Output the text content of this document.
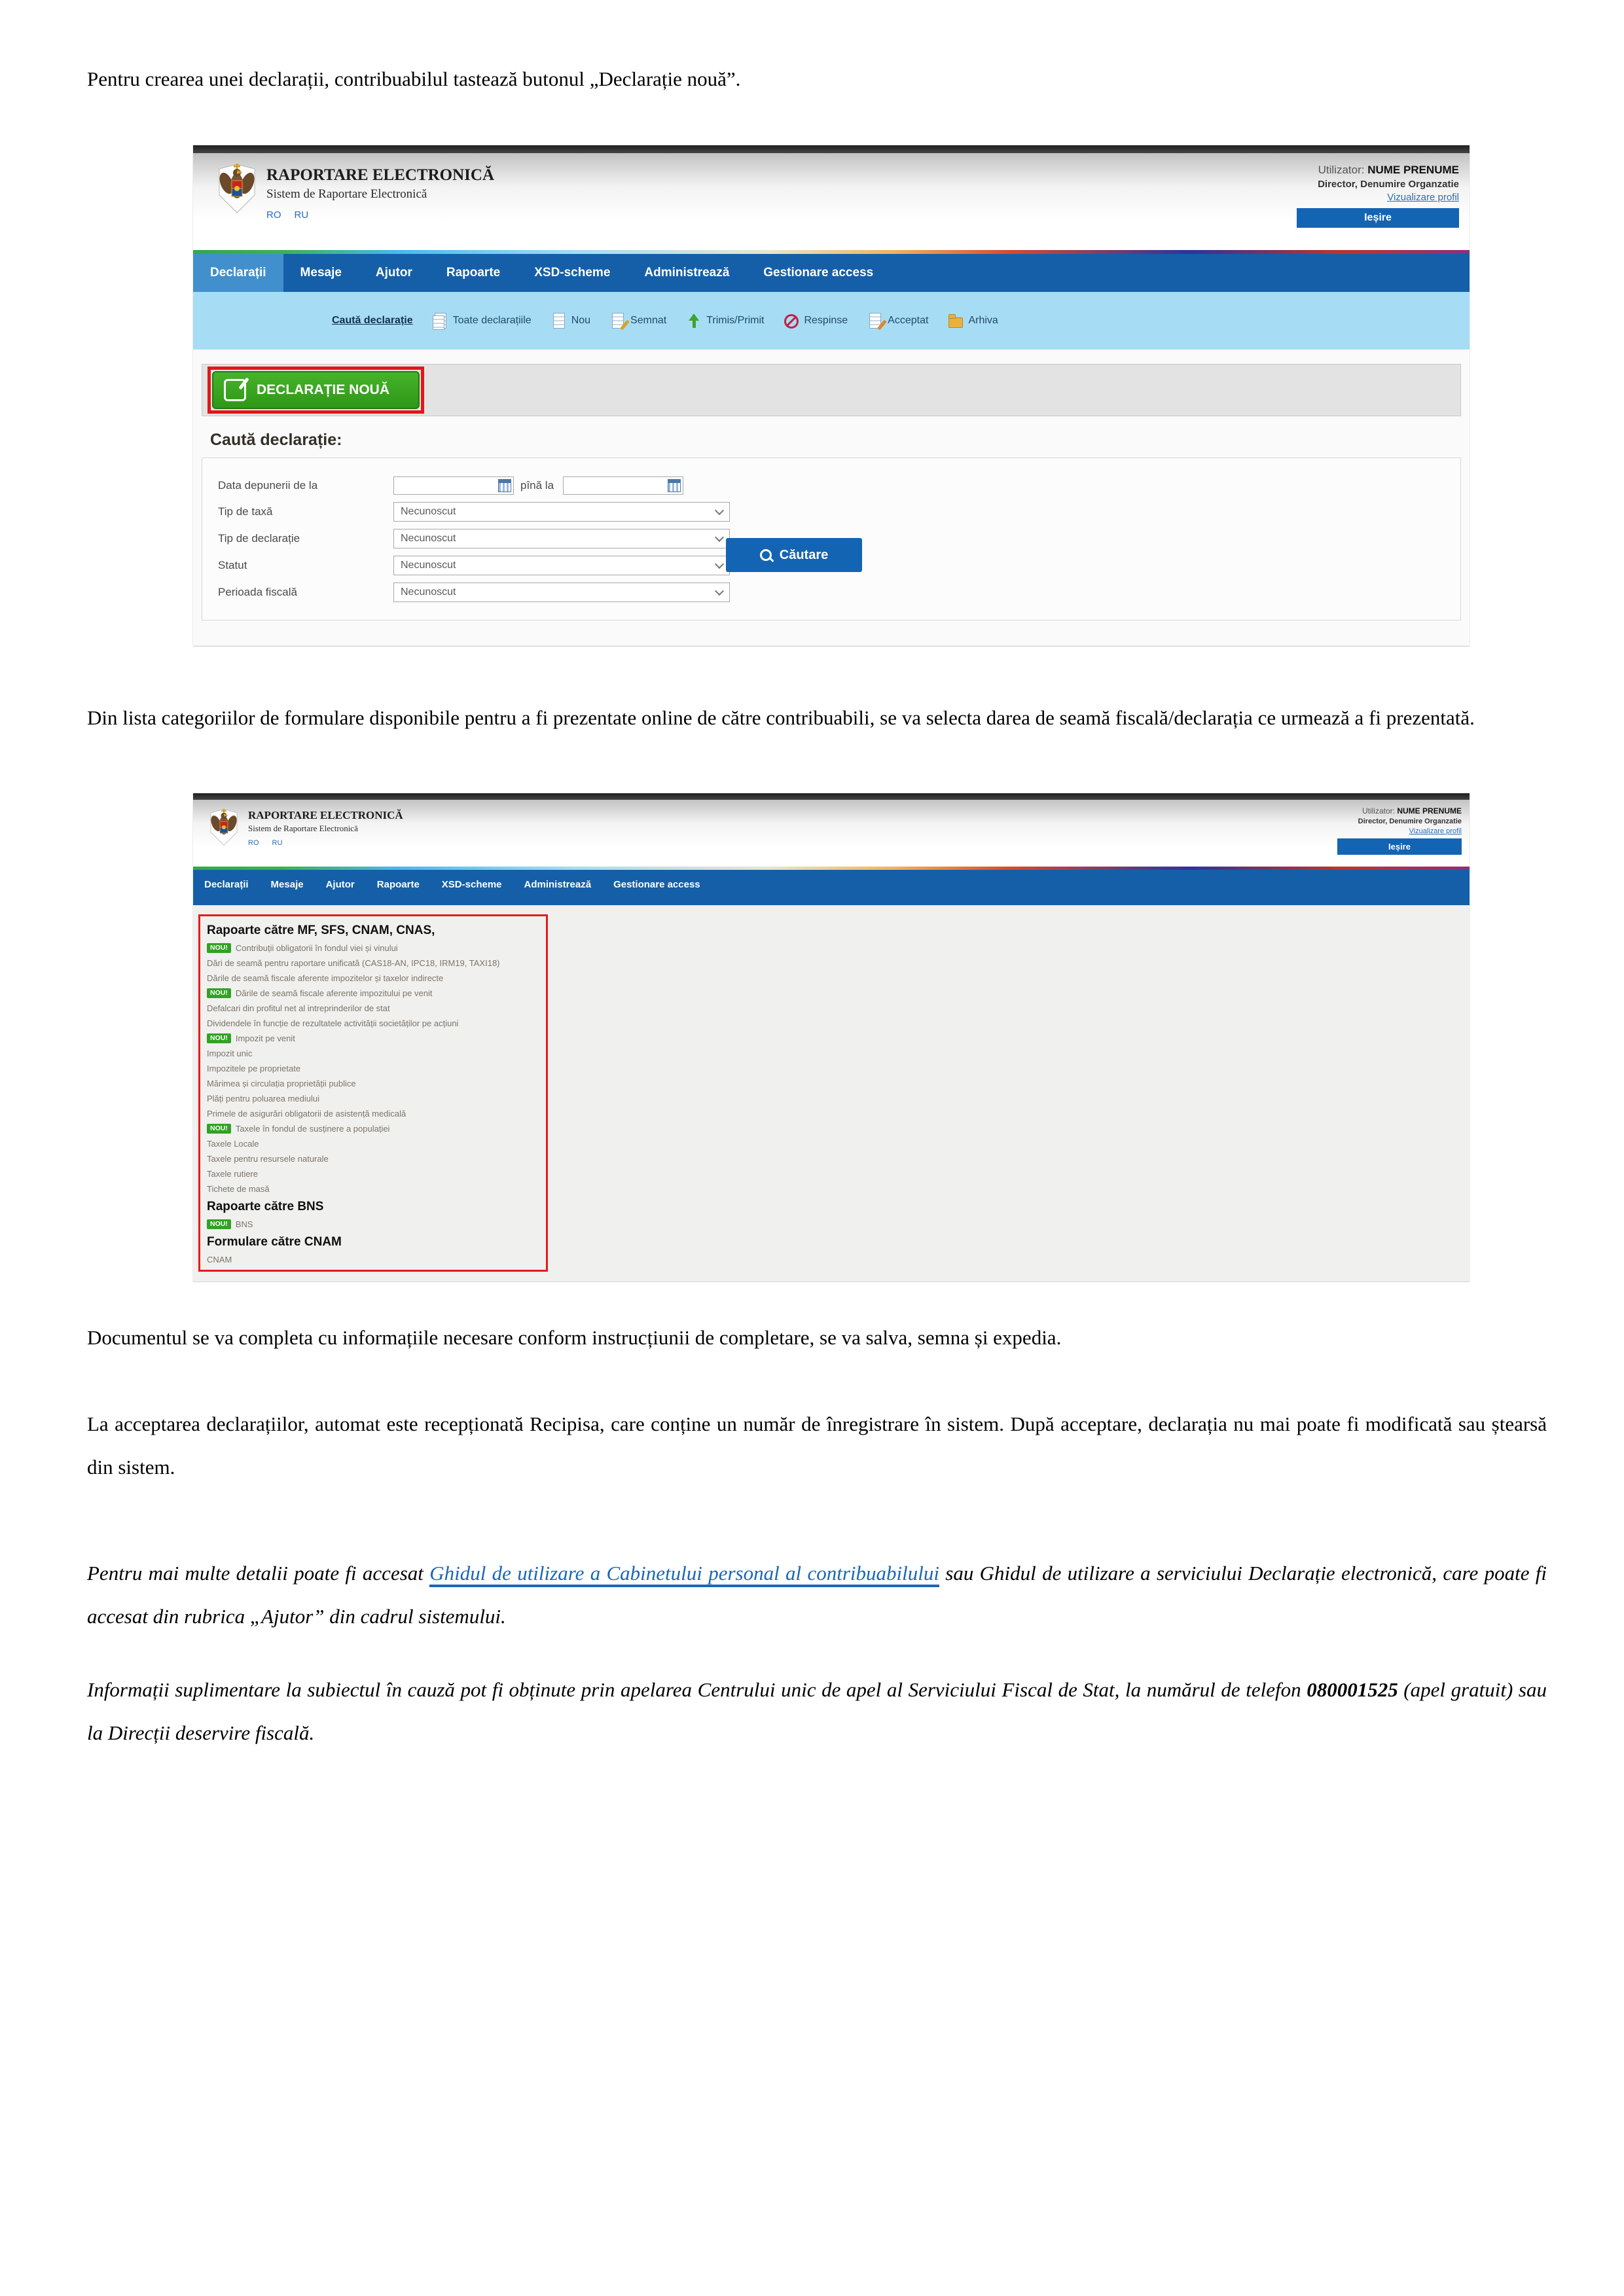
Pentru crearea unei declarații, contribuabilul tastează butonul „Declarație nouă”.

RAPORTARE ELECTRONICĂ
Sistem de Raportare Electronică
RO RU
Utilizator: NUME PRENUME
Director, Denumire Organzatie
Vizualizare profil
Ieșire
Declarații	Mesaje	Ajutor	Rapoarte	XSD-scheme	Administrează	Gestionare access
Caută declarație	Toate declarațiile	Nou	Semnat	Trimis/Primit	Respinse	Acceptat	Arhiva
DECLARAȚIE NOUĂ
Caută declarație:
Data depunerii de la	pînă la
Tip de taxă	Necunoscut
Tip de declarație	Necunoscut
Statut	Necunoscut
Perioada fiscală	Necunoscut
Căutare

Din lista categoriilor de formulare disponibile pentru a fi prezentate online de către contribuabili, se va selecta darea de seamă fiscală/declarația ce urmează a fi prezentată.

RAPORTARE ELECTRONICĂ
Sistem de Raportare Electronică
RO RU
Utilizator: NUME PRENUME
Director, Denumire Organzatie
Vizualizare profil
Ieșire
Declarații	Mesaje	Ajutor	Rapoarte	XSD-scheme	Administrează	Gestionare access
Rapoarte către MF, SFS, CNAM, CNAS,
NOU! Contribuții obligatorii în fondul viei și vinului
Dări de seamă pentru raportare unificată (CAS18-AN, IPC18, IRM19, TAXI18)
Dările de seamă fiscale aferente impozitelor și taxelor indirecte
NOU! Dările de seamă fiscale aferente impozitului pe venit
Defalcari din profitul net al intreprinderilor de stat
Dividendele în funcție de rezultatele activității societăților pe acțiuni
NOU! Impozit pe venit
Impozit unic
Impozitele pe proprietate
Mărimea și circulația proprietății publice
Plăți pentru poluarea mediului
Primele de asigurări obligatorii de asistență medicală
NOU! Taxele în fondul de susținere a populației
Taxele Locale
Taxele pentru resursele naturale
Taxele rutiere
Tichete de masă
Rapoarte către BNS
NOU! BNS
Formulare către CNAM
CNAM

Documentul se va completa cu informațiile necesare conform instrucțiunii de completare, se va salva, semna și expedia.

La acceptarea declarațiilor, automat este recepționată Recipisa, care conține un număr de înregistrare în sistem. După acceptare, declarația nu mai poate fi modificată sau ștearsă din sistem.

Pentru mai multe detalii poate fi accesat Ghidul de utilizare a Cabinetului personal al contribuabilului sau Ghidul de utilizare a serviciului Declarație electronică, care poate fi accesat din rubrica „Ajutor” din cadrul sistemului.

Informații suplimentare la subiectul în cauză pot fi obținute prin apelarea Centrului unic de apel al Serviciului Fiscal de Stat, la numărul de telefon 080001525 (apel gratuit) sau la Direcții deservire fiscală.
